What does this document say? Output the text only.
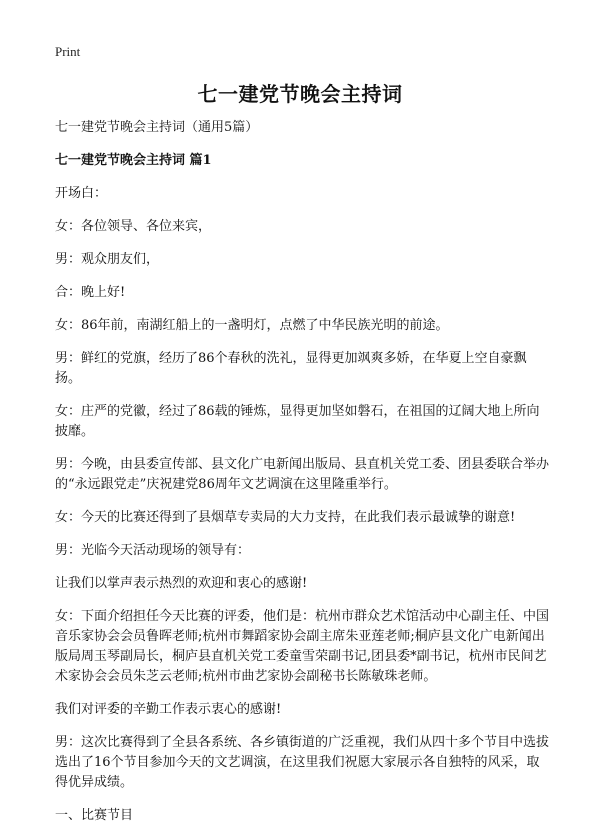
Print
七一建党节晚会主持词

七一建党节晚会主持词（通用5篇）

七一建党节晚会主持词 篇1

开场白：

女：各位领导、各位来宾，

男：观众朋友们，

合：晚上好!

女：86年前，南湖红船上的一盏明灯，点燃了中华民族光明的前途。

男：鲜红的党旗，经历了86个春秋的洗礼，显得更加飒爽多娇，在华夏上空自豪飘扬。

女：庄严的党徽，经过了86载的锤炼，显得更加坚如磐石，在祖国的辽阔大地上所向披靡。

男：今晚，由县委宣传部、县文化广电新闻出版局、县直机关党工委、团县委联合举办的“永远跟党走”庆祝建党86周年文艺调演在这里隆重举行。

女：今天的比赛还得到了县烟草专卖局的大力支持，在此我们表示最诚挚的谢意!

男：光临今天活动现场的领导有：

让我们以掌声表示热烈的欢迎和衷心的感谢!

女：下面介绍担任今天比赛的评委，他们是：杭州市群众艺术馆活动中心副主任、中国音乐家协会会员鲁晖老师;杭州市舞蹈家协会副主席朱亚莲老师;桐庐县文化广电新闻出版局周玉琴副局长，桐庐县直机关党工委童雪荣副书记,团县委*副书记，杭州市民间艺术家协会会员朱芝云老师;杭州市曲艺家协会副秘书长陈敏珠老师。

我们对评委的辛勤工作表示衷心的感谢!

男：这次比赛得到了全县各系统、各乡镇街道的广泛重视，我们从四十多个节目中选拔选出了16个节目参加今天的文艺调演，在这里我们祝愿大家展示各自独特的风采，取得优异成绩。

一、比赛节目
